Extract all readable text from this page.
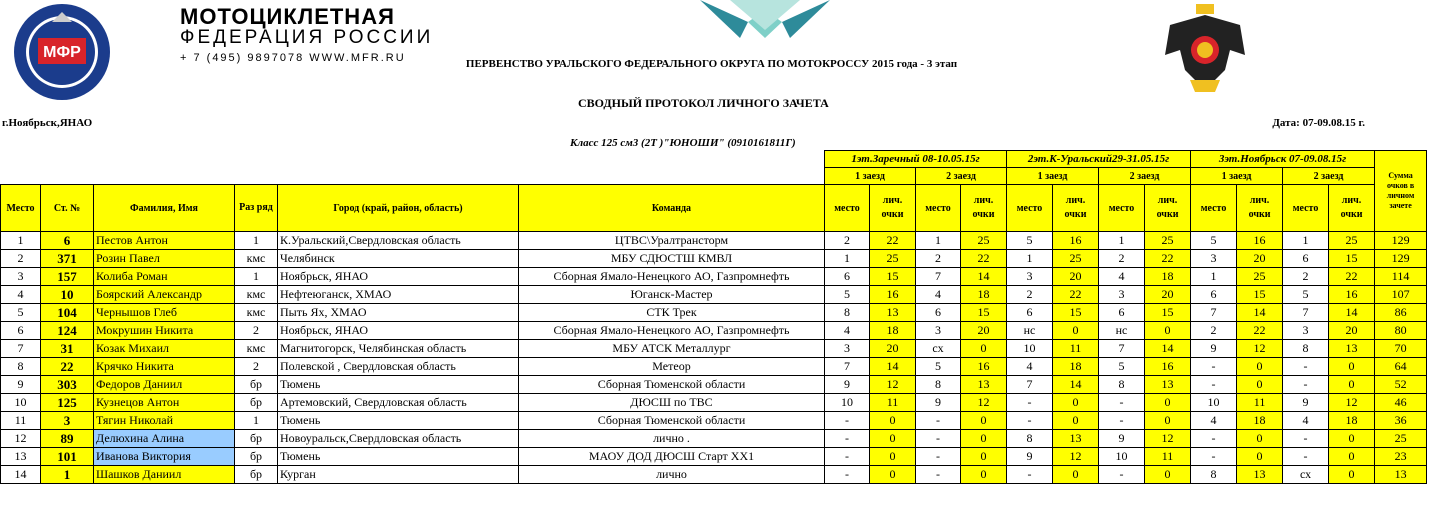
МФР
МОТОЦИКЛЕТНАЯ
ФЕДЕРАЦИЯ РОССИИ
+ 7 (495) 9897078 WWW.MFR.RU	ПЕРВЕНСТВО УРАЛЬСКОГО ФЕДЕРАЛЬНОГО ОКРУГА ПО МОТОКРОССУ 2015 года - 3 этап
СВОДНЫЙ ПРОТОКОЛ ЛИЧНОГО ЗАЧЕТА
г.Ноябрьск,ЯНАО	Дата: 07-09.08.15 г.
Класс 125 см3 (2Т )"ЮНОШИ" (0910161811Г)
						1эт.Заречный 08-10.05.15г				2эт.К-Уральский29-31.05.15г				3эт.Ноябрьск 07-09.08.15г				Сумма очков в личном зачете
						1 заезд		2 заезд		1 заезд		2 заезд		1 заезд		2 заезд		
Место	Ст. №	Фамилия, Имя	Раз ряд	Город (край, район, область)	Команда	место	лич. очки	место	лич. очки	место	лич. очки	место	лич. очки	место	лич. очки	место	лич. очки	
1	6	Пестов Антон	1	К.Уральский,Свердловская область	ЦТВС\Уралтрансторм	2	22	1	25	5	16	1	25	5	16	1	25	129
2	371	Розин Павел	кмс	Челябинск	МБУ СДЮСТШ КМВЛ	1	25	2	22	1	25	2	22	3	20	6	15	129
3	157	Колиба Роман	1	Ноябрьск, ЯНАО	Сборная Ямало-Ненецкого АО, Газпромнефть	6	15	7	14	3	20	4	18	1	25	2	22	114
4	10	Боярский Александр	кмс	Нефтеюганск, ХМАО	Юганск-Мастер	5	16	4	18	2	22	3	20	6	15	5	16	107
5	104	Чернышов Глеб	кмс	Пыть Ях, ХМАО	СТК Трек	8	13	6	15	6	15	6	15	7	14	7	14	86
6	124	Мокрушин Никита	2	Ноябрьск, ЯНАО	Сборная Ямало-Ненецкого АО, Газпромнефть	4	18	3	20	нс	0	нс	0	2	22	3	20	80
7	31	Козак Михаил	кмс	Магнитогорск, Челябинская область	МБУ АТСК Металлург	3	20	сх	0	10	11	7	14	9	12	8	13	70
8	22	Крячко Никита	2	Полевской , Свердловская область	Метеор	7	14	5	16	4	18	5	16	-	0	-	0	64
9	303	Федоров Даниил	бр	Тюмень	Сборная Тюменской области	9	12	8	13	7	14	8	13	-	0	-	0	52
10	125	Кузнецов Антон	бр	Артемовский, Свердловская область	ДЮСШ по ТВС	10	11	9	12	-	0	-	0	10	11	9	12	46
11	3	Тягин Николай	1	Тюмень	Сборная Тюменской области	-	0	-	0	-	0	-	0	4	18	4	18	36
12	89	Делюхина Алина	бр	Новоуральск,Свердловская область	лично .	-	0	-	0	8	13	9	12	-	0	-	0	25
13	101	Иванова Виктория	бр	Тюмень	МАОУ ДОД ДЮСШ Старт ХХ1	-	0	-	0	9	12	10	11	-	0	-	0	23
14	1	Шашков Даниил	бр	Курган	лично	-	0	-	0	-	0	-	0	8	13	сх	0	13
